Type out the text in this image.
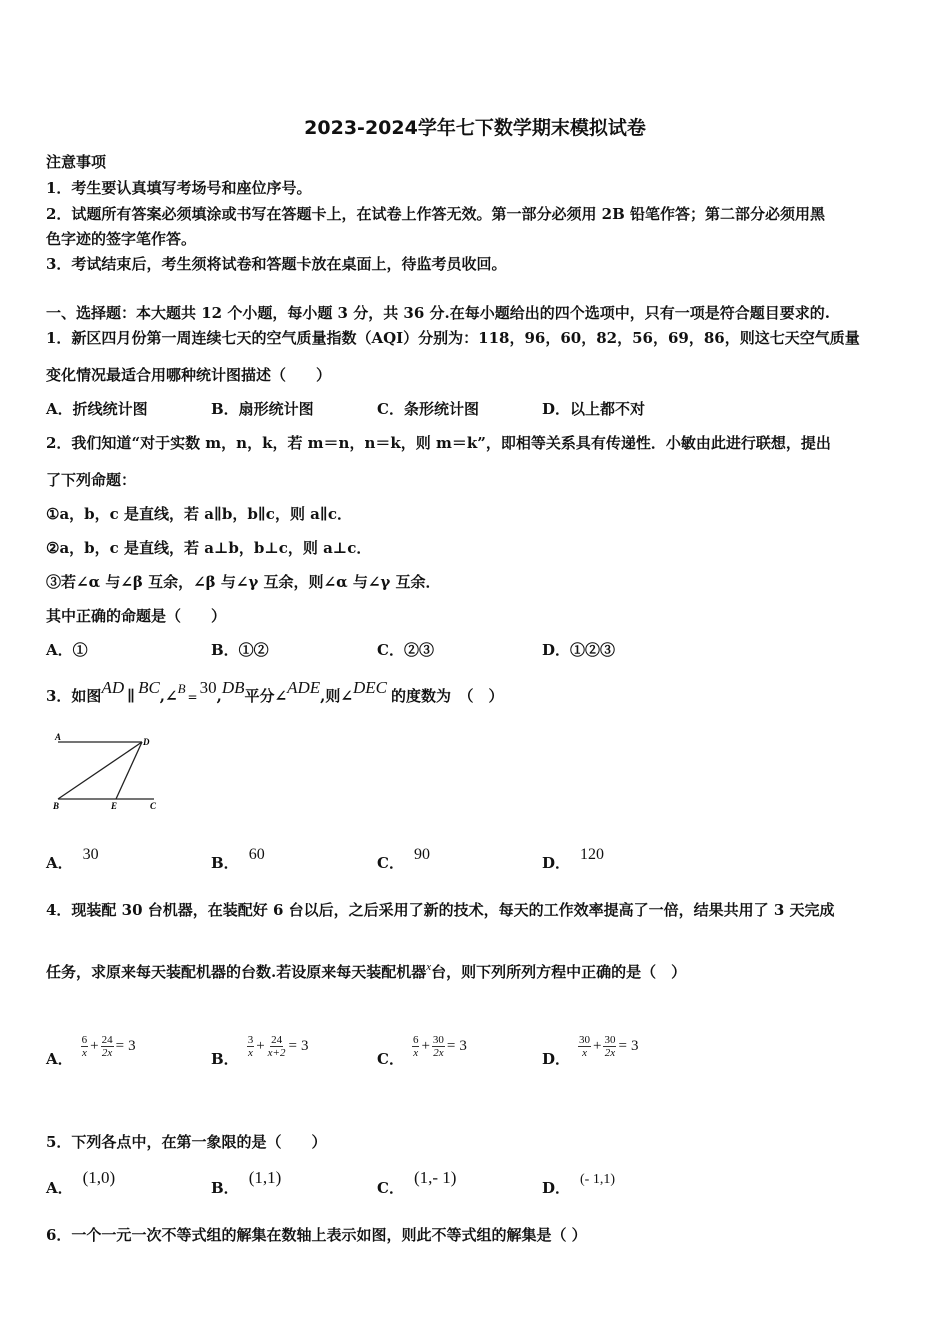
2023-2024学年七下数学期末模拟试卷
注意事项
1．考生要认真填写考场号和座位序号。
2．试题所有答案必须填涂或书写在答题卡上，在试卷上作答无效。第一部分必须用 2B 铅笔作答；第二部分必须用黑
色字迹的签字笔作答。
3．考试结束后，考生须将试卷和答题卡放在桌面上，待监考员收回。
一、选择题：本大题共 12 个小题，每小题 3 分，共 36 分.在每小题给出的四个选项中，只有一项是符合题目要求的.
1．新区四月份第一周连续七天的空气质量指数（AQI）分别为：118，96，60，82，56，69，86，则这七天空气质量
变化情况最适合用哪种统计图描述（　　）
A．折线统计图	B．扇形统计图	C．条形统计图	D．以上都不对
2．我们知道“对于实数 m，n，k，若 m＝n，n＝k，则 m＝k”，即相等关系具有传递性．小敏由此进行联想，提出
了下列命题：
①a，b，c 是直线，若 a∥b，b∥c，则 a∥c．
②a，b，c 是直线，若 a⊥b，b⊥c，则 a⊥c．
③若∠α 与∠β 互余，∠β 与∠γ 互余，则∠α 与∠γ 互余．
其中正确的命题是（　　）
A．①	B．①②	C．②③	D．①②③
3．如图AD ∥ BC,∠B= 30,DB平分∠ADE,则∠DEC 的度数为　（　）
A	D
B	E	C
A． 30	B． 60	C． 90	D． 120
4．现装配 30 台机器，在装配好 6 台以后，之后采用了新的技术，每天的工作效率提高了一倍，结果共用了 3 天完成
任务，求原来每天装配机器的台数.若设原来每天装配机器$^x$台，则下列所列方程中正确的是（　）
A． $\frac{6}{x} + \frac{24}{2x} = 3$
B． $\frac{3}{x} + \frac{24}{x+2} = 3$
C． $\frac{6}{x} + \frac{30}{2x} = 3$
D． $\frac{30}{x} + \frac{30}{2x} = 3$
5．下列各点中，在第一象限的是（　　）
A．(1,0)
B．(1,1)
C．(1,- 1)
D． (- 1,1)
6．一个一元一次不等式组的解集在数轴上表示如图，则此不等式组的解集是（ ）
